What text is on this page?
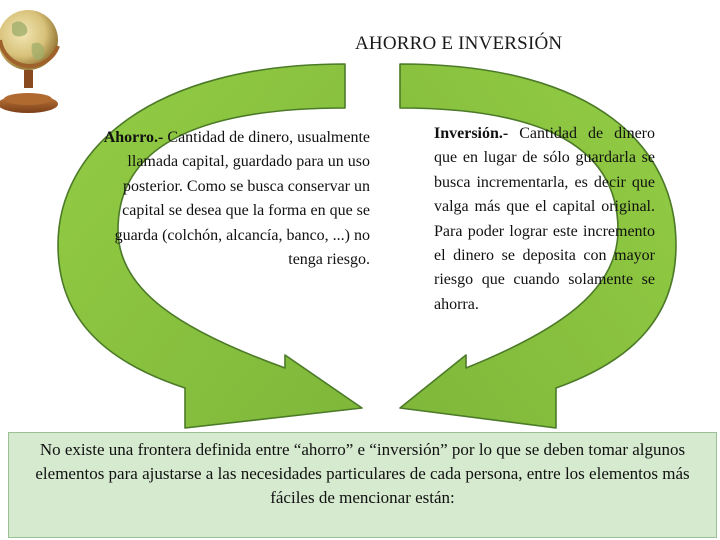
AHORRO E INVERSIÓN
Ahorro.- Cantidad de dinero, usualmente llamada capital, guardado para un uso posterior. Como se busca conservar un capital se desea que la forma en que se guarda (colchón, alcancía, banco, ...) no tenga riesgo.
Inversión.- Cantidad de dinero que en lugar de sólo guardarla se busca incrementarla, es decir que valga más que el capital original. Para poder lograr este incremento el dinero se deposita con mayor riesgo que cuando solamente se ahorra.
No existe una frontera definida entre “ahorro” e “inversión” por lo que se deben tomar algunos elementos para ajustarse a las necesidades particulares de cada persona, entre los elementos más fáciles de mencionar están:
